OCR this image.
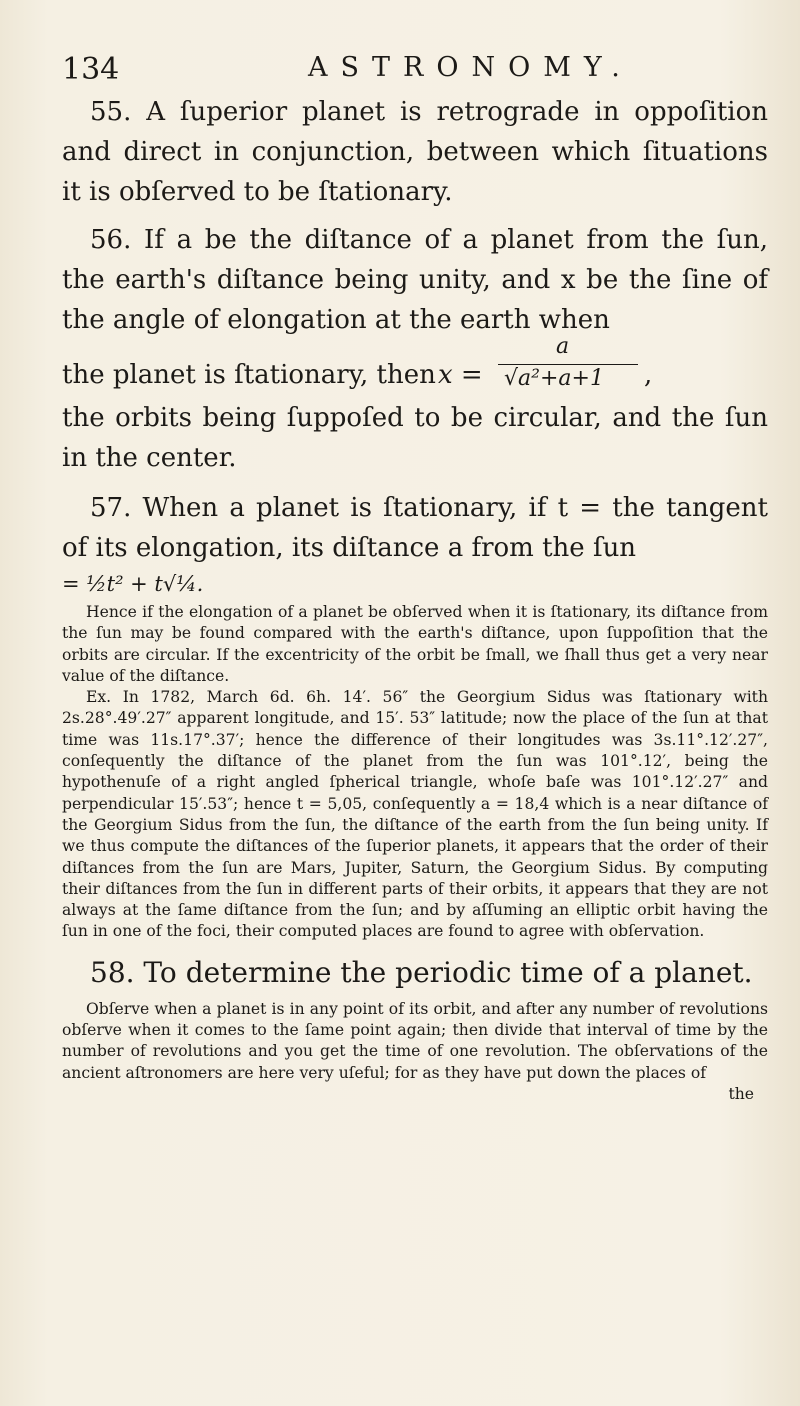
134	ASTRONOMY.

55. A ſuperior planet is retrograde in oppoſition and direct in conjunction, between which ſituations it is obſerved to be ſtationary.

56. If a be the diſtance of a planet from the ſun, the earth's diſtance being unity, and x be the ſine of the angle of elongation at the earth when

the planet is ſtationary, then x =
a
√a²+a+1 ,

the orbits being ſuppoſed to be circular, and the ſun in the center.

57. When a planet is ſtationary, if t = the tangent of its elongation, its diſtance a from the ſun

= ½t² + t√¼.

Hence if the elongation of a planet be obſerved when it is ſtationary, its diſtance from the ſun may be found compared with the earth's diſtance, upon ſuppoſition that the orbits are circular. If the excentricity of the orbit be ſmall, we ſhall thus get a very near value of the diſtance.

Ex. In 1782, March 6d. 6h. 14′. 56″ the Georgium Sidus was ſtationary with 2s.28°.49′.27″ apparent longitude, and 15′. 53″ latitude; now the place of the ſun at that time was 11s.17°.37′; hence the difference of their longitudes was 3s.11°.12′.27″, conſequently the diſtance of the planet from the ſun was 101°.12′, being the hypothenuſe of a right angled ſpherical triangle, whoſe baſe was 101°.12′.27″ and perpendicular 15′.53″; hence t = 5,05, conſequently a = 18,4 which is a near diſtance of the Georgium Sidus from the ſun, the diſtance of the earth from the ſun being unity. If we thus compute the diſtances of the ſuperior planets, it appears that the order of their diſtances from the ſun are Mars, Jupiter, Saturn, the Georgium Sidus. By computing their diſtances from the ſun in different parts of their orbits, it appears that they are not always at the ſame diſtance from the ſun; and by aſſuming an elliptic orbit having the ſun in one of the foci, their computed places are found to agree with obſervation.

58. To determine the periodic time of a planet.

Obſerve when a planet is in any point of its orbit, and after any number of revolutions obſerve when it comes to the ſame point again; then divide that interval of time by the number of revolutions and you get the time of one revolution. The obſervations of the ancient aſtronomers are here very uſeful; for as they have put down the places of

the
